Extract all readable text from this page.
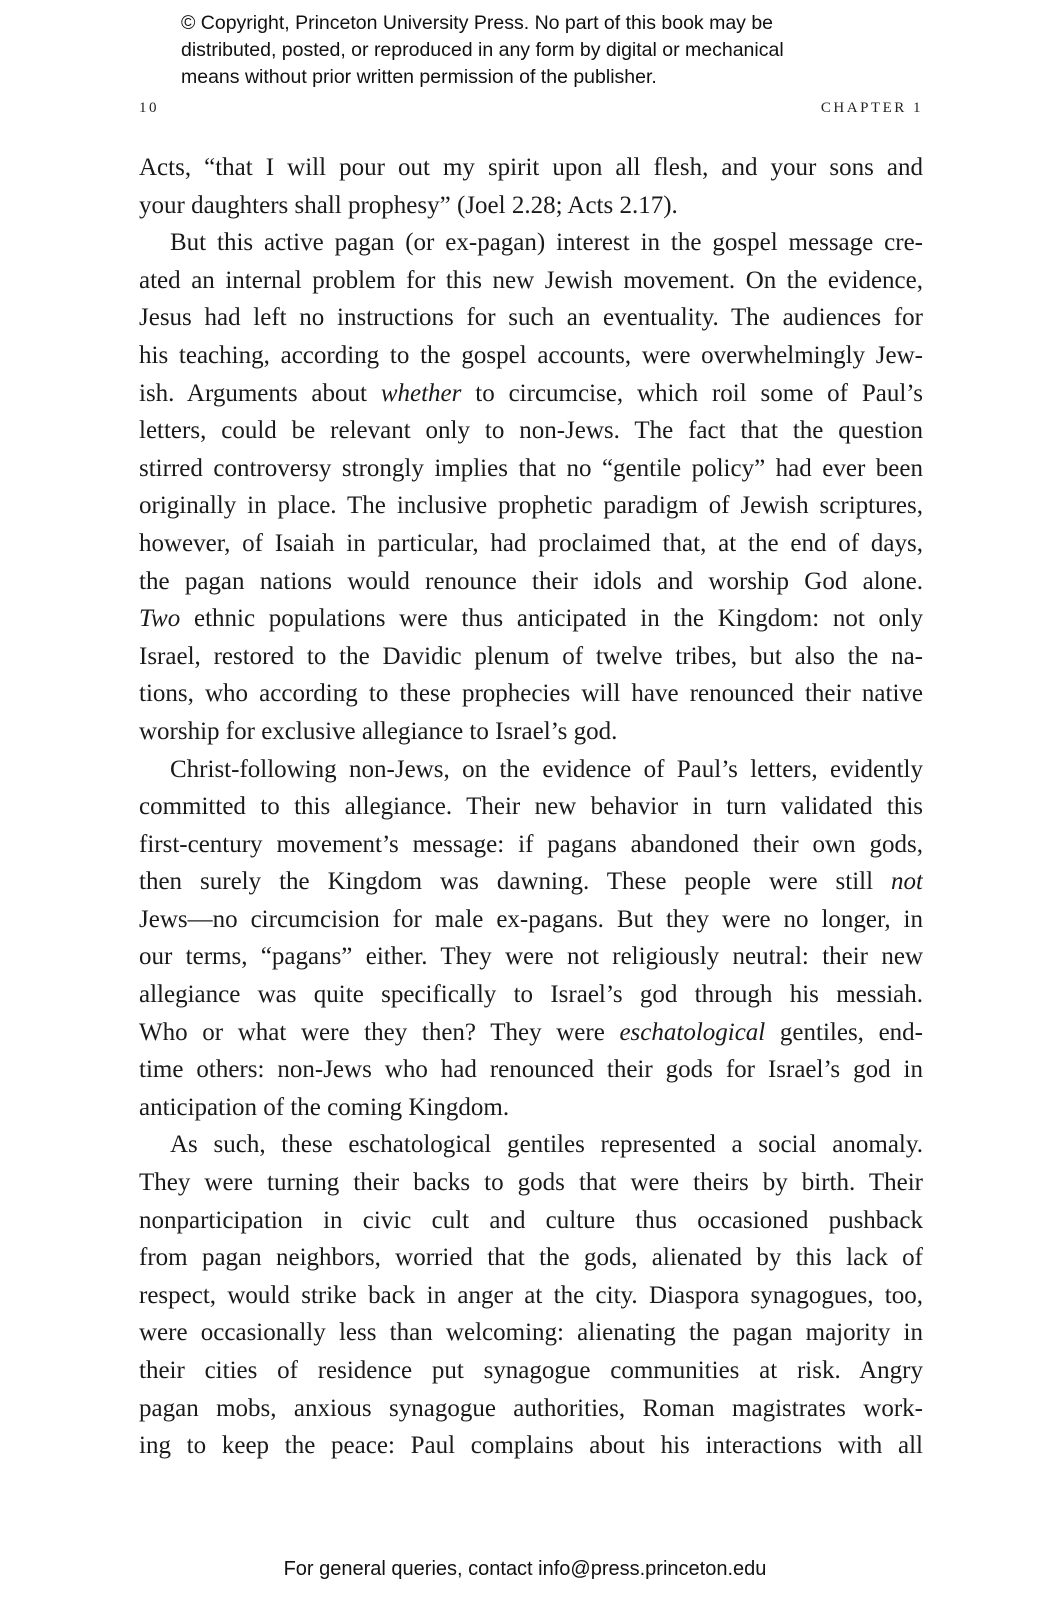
© Copyright, Princeton University Press. No part of this book may be
distributed, posted, or reproduced in any form by digital or mechanical
means without prior written permission of the publisher.
10	CHAPTER 1
Acts, “that I will pour out my spirit upon all flesh, and your sons and
your daughters shall prophesy” (Joel 2.28; Acts 2.17).
But this active pagan (or ex-pagan) interest in the gospel message cre-
ated an internal problem for this new Jewish movement. On the evidence,
Jesus had left no instructions for such an eventuality. The audiences for
his teaching, according to the gospel accounts, were overwhelmingly Jew-
ish. Arguments about whether to circumcise, which roil some of Paul’s
letters, could be relevant only to non-Jews. The fact that the question
stirred controversy strongly implies that no “gentile policy” had ever been
originally in place. The inclusive prophetic paradigm of Jewish scriptures,
however, of Isaiah in particular, had proclaimed that, at the end of days,
the pagan nations would renounce their idols and worship God alone.
Two ethnic populations were thus anticipated in the Kingdom: not only
Israel, restored to the Davidic plenum of twelve tribes, but also the na-
tions, who according to these prophecies will have renounced their native
worship for exclusive allegiance to Israel’s god.
Christ-following non-Jews, on the evidence of Paul’s letters, evidently
committed to this allegiance. Their new behavior in turn validated this
first-century movement’s message: if pagans abandoned their own gods,
then surely the Kingdom was dawning. These people were still not
Jews—no circumcision for male ex-pagans. But they were no longer, in
our terms, “pagans” either. They were not religiously neutral: their new
allegiance was quite specifically to Israel’s god through his messiah.
Who or what were they then? They were eschatological gentiles, end-
time others: non-Jews who had renounced their gods for Israel’s god in
anticipation of the coming Kingdom.
As such, these eschatological gentiles represented a social anomaly.
They were turning their backs to gods that were theirs by birth. Their
nonparticipation in civic cult and culture thus occasioned pushback
from pagan neighbors, worried that the gods, alienated by this lack of
respect, would strike back in anger at the city. Diaspora synagogues, too,
were occasionally less than welcoming: alienating the pagan majority in
their cities of residence put synagogue communities at risk. Angry
pagan mobs, anxious synagogue authorities, Roman magistrates work-
ing to keep the peace: Paul complains about his interactions with all
For general queries, contact info@press.princeton.edu
